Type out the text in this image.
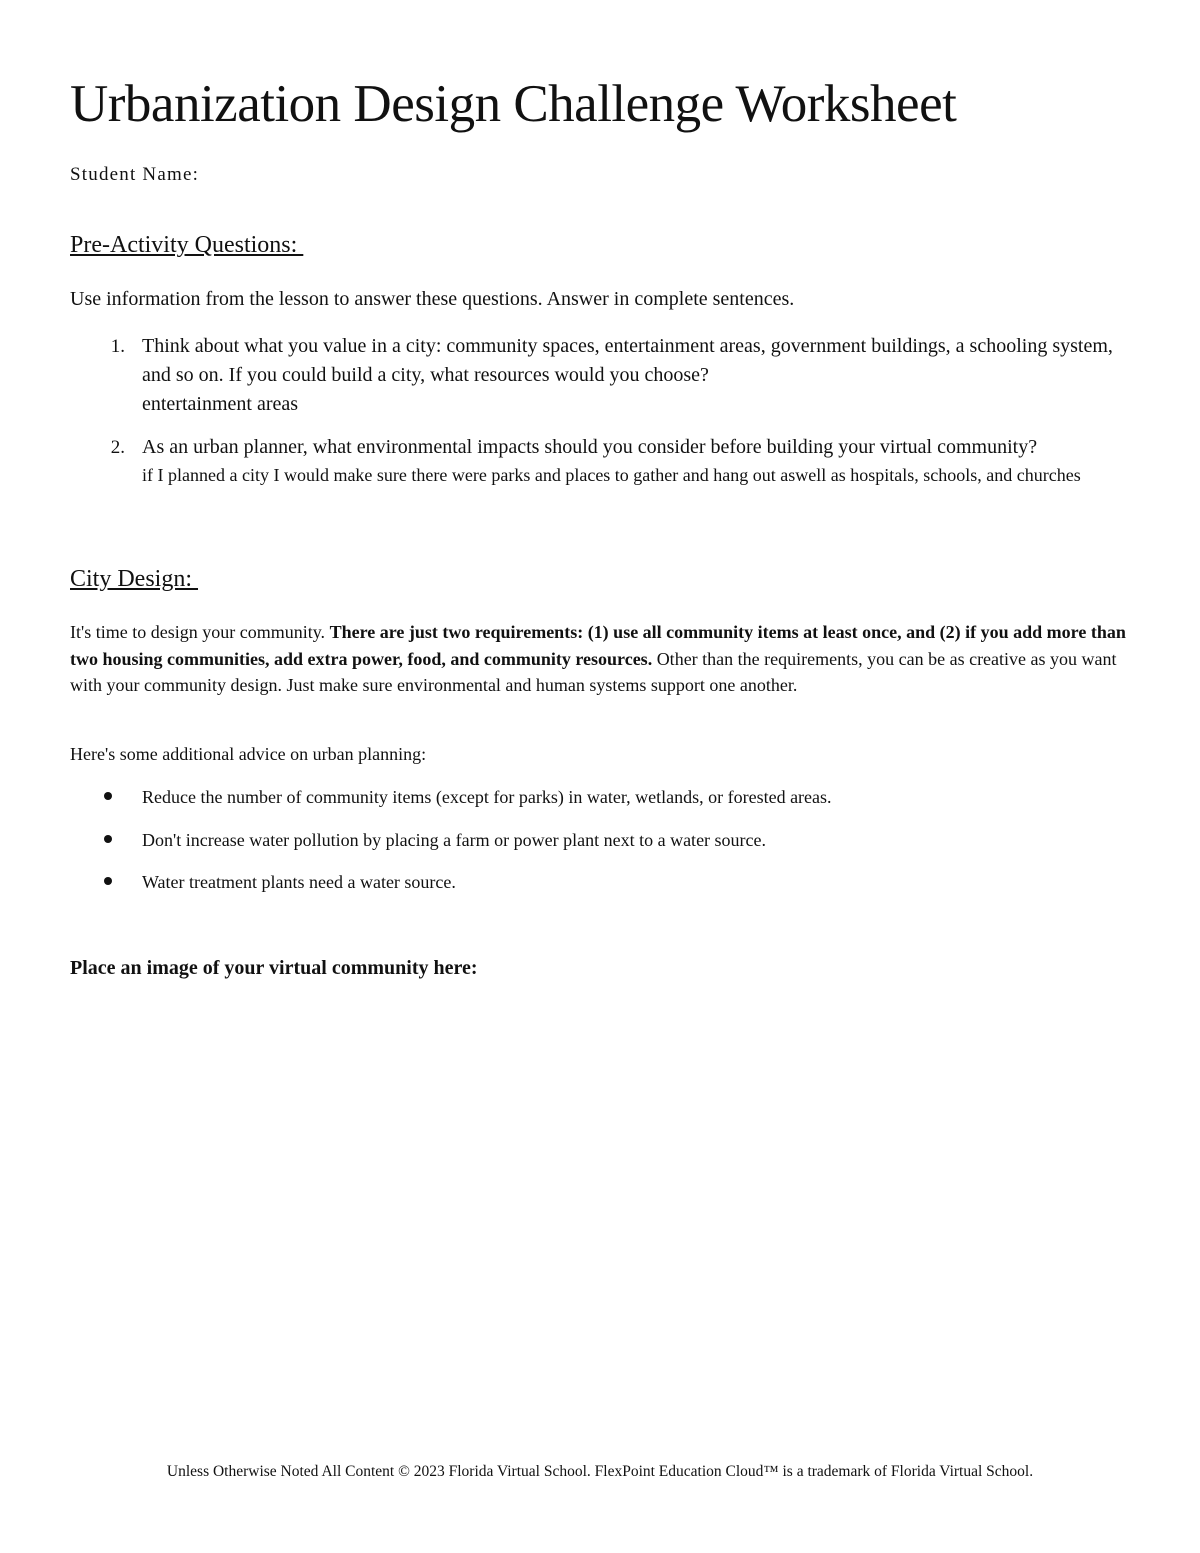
Urbanization Design Challenge Worksheet
Student Name:
Pre-Activity Questions:
Use information from the lesson to answer these questions. Answer in complete sentences.
1. Think about what you value in a city: community spaces, entertainment areas, government buildings, a schooling system, and so on. If you could build a city, what resources would you choose?
entertainment areas
2. As an urban planner, what environmental impacts should you consider before building your virtual community?
if I planned a city I would make sure there were parks and places to gather and hang out aswell as hospitals, schools, and churches
City Design:

It's time to design your community. There are just two requirements: (1) use all community items at least once, and (2) if you add more than two housing communities, add extra power, food, and community resources. Other than the requirements, you can be as creative as you want with your community design. Just make sure environmental and human systems support one another.

Here's some additional advice on urban planning:

Reduce the number of community items (except for parks) in water, wetlands, or forested areas.
Don't increase water pollution by placing a farm or power plant next to a water source.
Water treatment plants need a water source.
Place an image of your virtual community here:
Unless Otherwise Noted All Content © 2023 Florida Virtual School. FlexPoint Education Cloud™ is a trademark of Florida Virtual School.
